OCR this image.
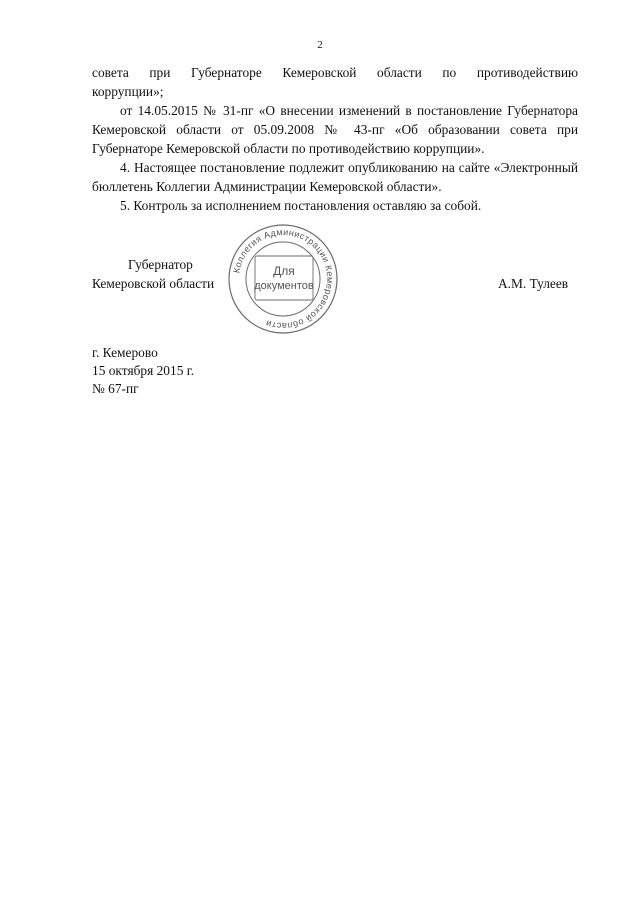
2

совета при Губернаторе Кемеровской области по противодействию

коррупции»;

от 14.05.2015 № 31-пг «О внесении изменений в постановление Губернатора Кемеровской области от 05.09.2008 № 43-пг «Об образовании совета при Губернаторе Кемеровской области по противодействию коррупции».

4. Настоящее постановление подлежит опубликованию на сайте «Электронный бюллетень Коллегии Администрации Кемеровской области».

5. Контроль за исполнением постановления оставляю за собой.

Коллегия Администрации Кемеровской области
Для
документов
Губернатор
Кемеровской области	А.М. Тулеев
г. Кемерово
15 октября 2015 г.
№ 67-пг
